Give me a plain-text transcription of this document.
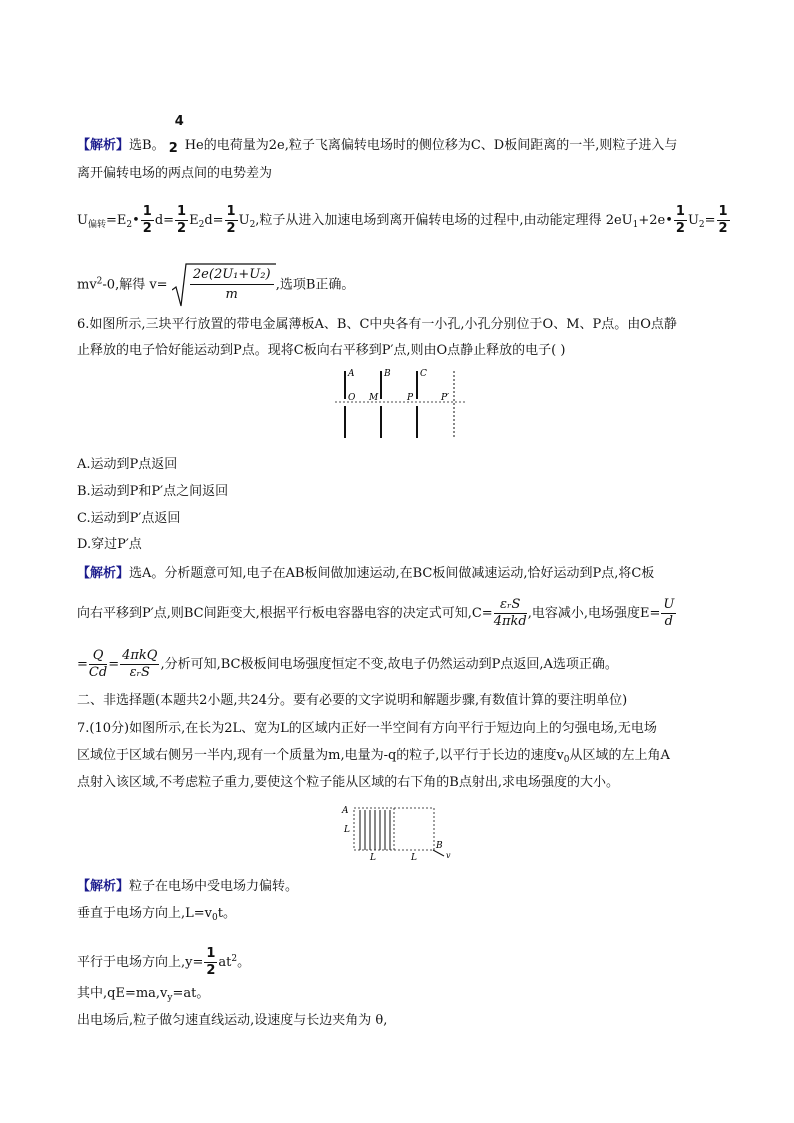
【解析】选B。
4
2 He的电荷量为2e,粒子飞离偏转电场时的侧位移为C、D板间距离的一半,则粒子进入与
离开偏转电场的两点间的电势差为
$U_{偏转}=E_2• \frac{1}{2} d= \frac{1}{2} E_2d= \frac{1}{2} U_2$,粒子从进入加速电场到离开偏转电场的过程中,由动能定理得 $2eU_1+2e• \frac{1}{2} U_2= \frac{1}{2}$
$mv^2-0$,解得 $v= \frac{\text{2e(2U₁+U₂)}}{m}$ ,选项B正确。
6.如图所示,三块平行放置的带电金属薄板A、B、C中央各有一小孔,小孔分别位于O、M、P点。由O点静
止释放的电子恰好能运动到P点。现将C板向右平移到P′点,则由O点静止释放的电子( )
A	B	C
O M	P	P′
A.运动到P点返回
B.运动到P和P′点之间返回
C.运动到P′点返回
D.穿过P′点
【解析】选A。分析题意可知,电子在AB板间做加速运动,在BC板间做减速运动,恰好运动到P点,将C板
向右平移到P′点,则BC间距变大,根据平行板电容器电容的决定式可知$,C= \frac{\text{εᵣS}}{\text{4πkd}}$ ,电容减小,电场强度$E= \frac{U}{d}$
= $\frac{Q}{Cd} = \frac{\text{4πkQ}}{\text{εᵣS}}$ ,分析可知,BC极板间电场强度恒定不变,故电子仍然运动到P点返回,A选项正确。
二、非选择题(本题共2小题,共24分。要有必要的文字说明和解题步骤,有数值计算的要注明单位)
7.(10分)如图所示,在长为2L、宽为L的区域内正好一半空间有方向平行于短边向上的匀强电场,无电场
区域位于区域右侧另一半内,现有一个质量为m,电量为-q的粒子,以平行于长边的速度$v_0$从区域的左上角A
点射入该区域,不考虑粒子重力,要使这个粒子能从区域的右下角的B点射出,求电场强度的大小。
A
L
L	L
B
v
【解析】粒子在电场中受电场力偏转。
垂直于电场方向上$,L=v_0t$。
平行于电场方向上$,y= \frac{1}{2} at^2$。
其中$,qE=ma,v_y=at$。
出电场后,粒子做匀速直线运动,设速度与长边夹角为 θ,
